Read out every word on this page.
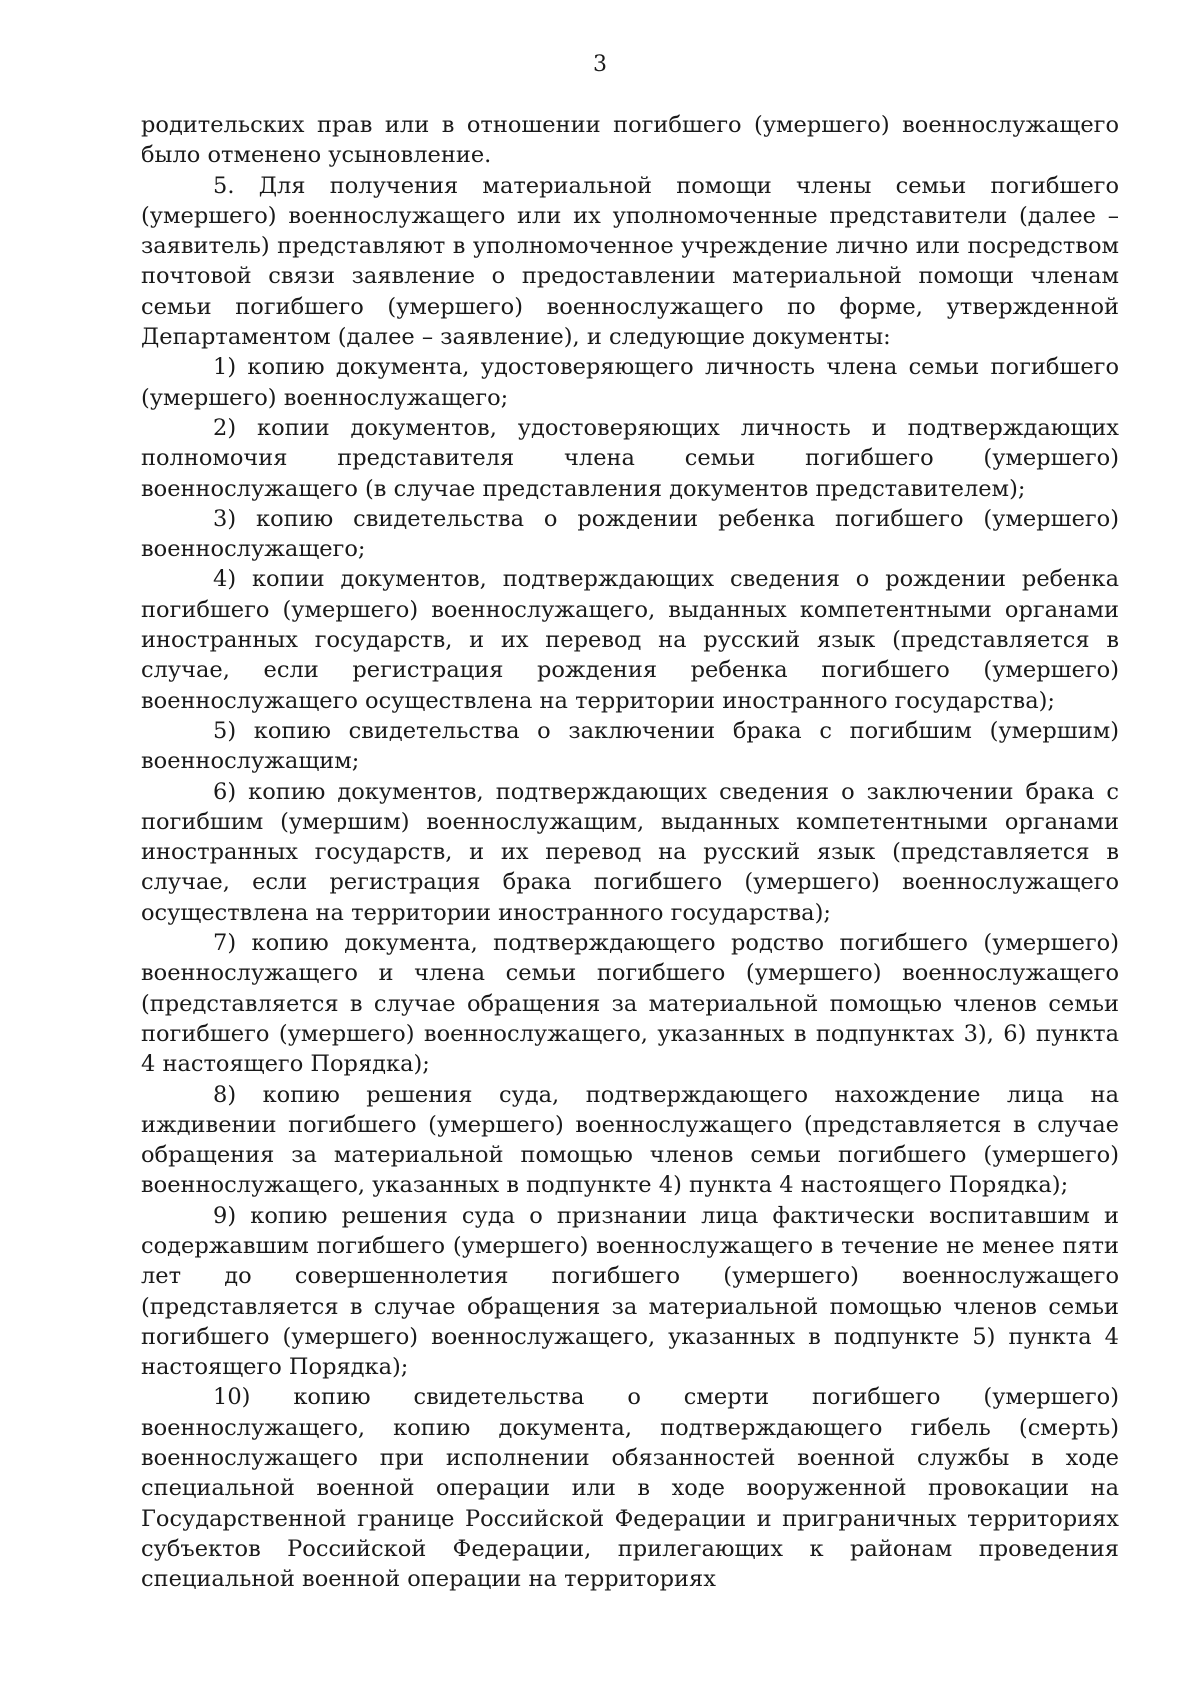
3

родительских прав или в отношении погибшего (умершего) военнослужащего было отменено усыновление.

5. Для получения материальной помощи члены семьи погибшего (умершего) военнослужащего или их уполномоченные представители (далее – заявитель) представляют в уполномоченное учреждение лично или посредством почтовой связи заявление о предоставлении материальной помощи членам семьи погибшего (умершего) военнослужащего по форме, утвержденной Департаментом (далее – заявление), и следующие документы:

1) копию документа, удостоверяющего личность члена семьи погибшего (умершего) военнослужащего;

2) копии документов, удостоверяющих личность и подтверждающих полномочия представителя члена семьи погибшего (умершего) военнослужащего (в случае представления документов представителем);

3) копию свидетельства о рождении ребенка погибшего (умершего) военнослужащего;

4) копии документов, подтверждающих сведения о рождении ребенка погибшего (умершего) военнослужащего, выданных компетентными органами иностранных государств, и их перевод на русский язык (представляется в случае, если регистрация рождения ребенка погибшего (умершего) военнослужащего осуществлена на территории иностранного государства);

5) копию свидетельства о заключении брака с погибшим (умершим) военнослужащим;

6) копию документов, подтверждающих сведения о заключении брака с погибшим (умершим) военнослужащим, выданных компетентными органами иностранных государств, и их перевод на русский язык (представляется в случае, если регистрация брака погибшего (умершего) военнослужащего осуществлена на территории иностранного государства);

7) копию документа, подтверждающего родство погибшего (умершего) военнослужащего и члена семьи погибшего (умершего) военнослужащего (представляется в случае обращения за материальной помощью членов семьи погибшего (умершего) военнослужащего, указанных в подпунктах 3), 6) пункта 4 настоящего Порядка);

8) копию решения суда, подтверждающего нахождение лица на иждивении погибшего (умершего) военнослужащего (представляется в случае обращения за материальной помощью членов семьи погибшего (умершего) военнослужащего, указанных в подпункте 4) пункта 4 настоящего Порядка);

9) копию решения суда о признании лица фактически воспитавшим и содержавшим погибшего (умершего) военнослужащего в течение не менее пяти лет до совершеннолетия погибшего (умершего) военнослужащего (представляется в случае обращения за материальной помощью членов семьи погибшего (умершего) военнослужащего, указанных в подпункте 5) пункта 4 настоящего Порядка);

10) копию свидетельства о смерти погибшего (умершего) военнослужащего, копию документа, подтверждающего гибель (смерть) военнослужащего при исполнении обязанностей военной службы в ходе специальной военной операции или в ходе вооруженной провокации на Государственной границе Российской Федерации и приграничных территориях субъектов Российской Федерации, прилегающих к районам проведения специальной военной операции на территориях
